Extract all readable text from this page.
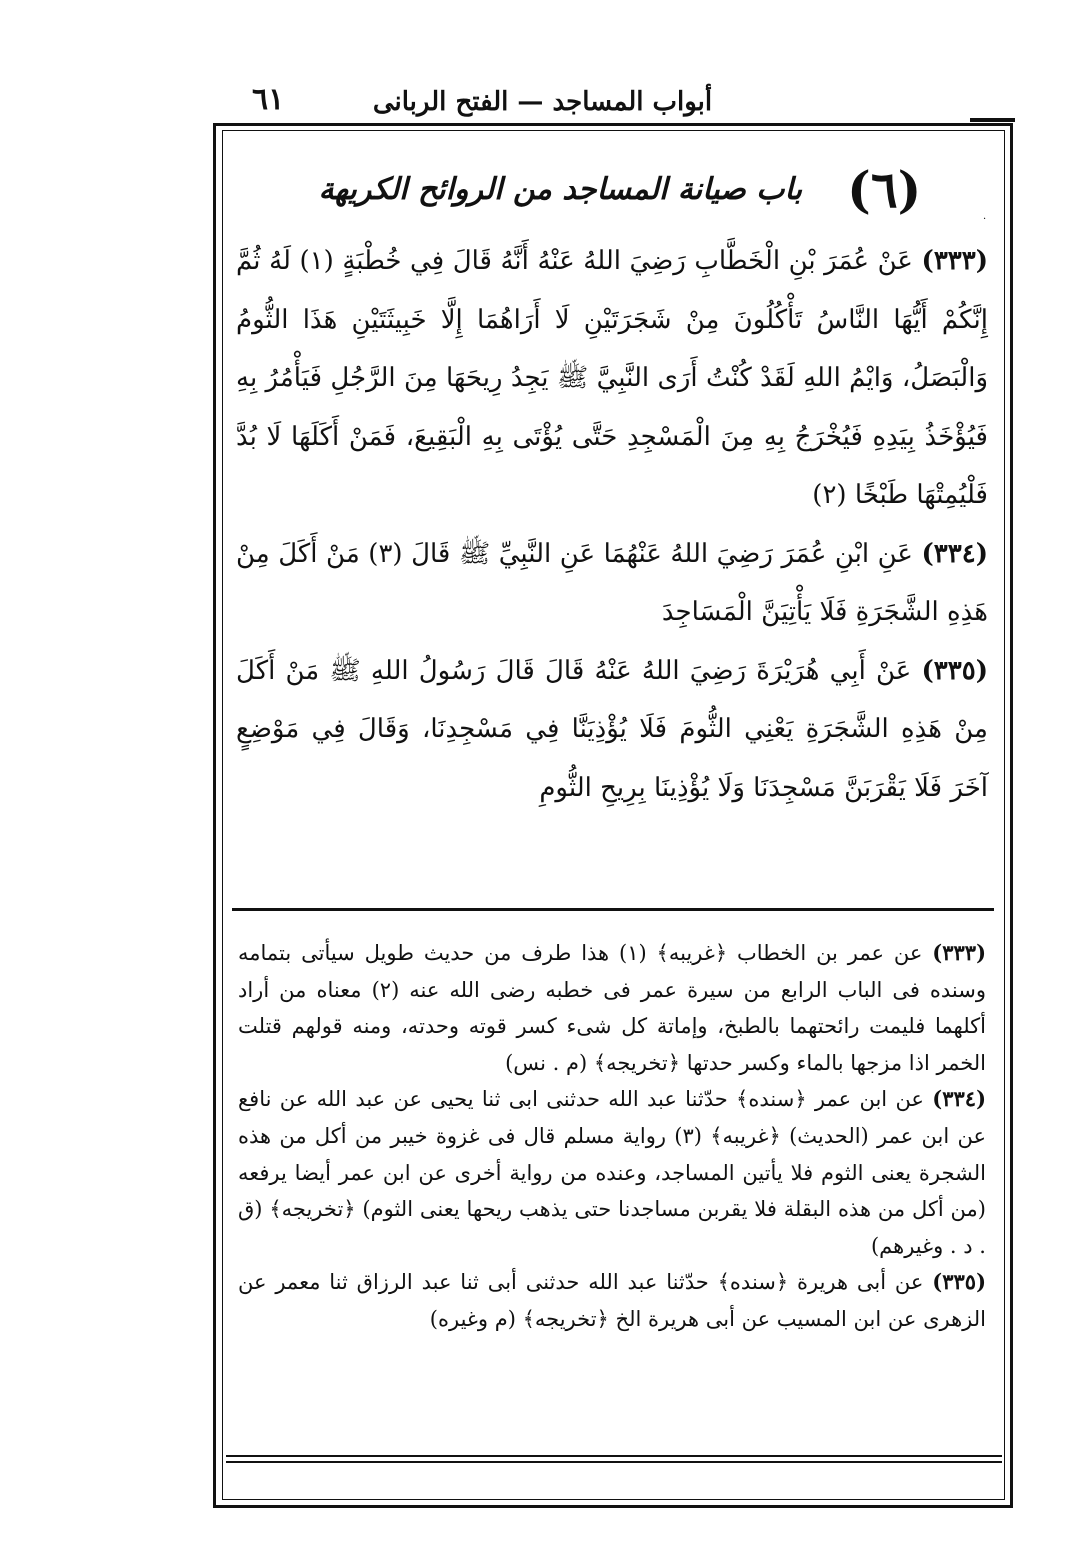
أبواب المساجد — الفتح الربانى
٦١
·
(٦) باب صيانة المساجد من الروائح الكريهة

(٣٣٣) عَنْ عُمَرَ بْنِ الْخَطَّابِ رَضِيَ اللهُ عَنْهُ أَنَّهُ قَالَ فِي خُطْبَةٍ (١) لَهُ ثُمَّ إِنَّكُمْ أَيُّهَا النَّاسُ تَأْكُلُونَ مِنْ شَجَرَتَيْنِ لَا أَرَاهُمَا إِلَّا خَبِيثَتَيْنِ هَذَا الثُّومُ وَالْبَصَلُ، وَايْمُ اللهِ لَقَدْ كُنْتُ أَرَى النَّبِيَّ ﷺ يَجِدُ رِيحَهَا مِنَ الرَّجُلِ فَيَأْمُرُ بِهِ فَيُؤْخَذُ بِيَدِهِ فَيُخْرَجُ بِهِ مِنَ الْمَسْجِدِ حَتَّى يُؤْتَى بِهِ الْبَقِيعَ، فَمَنْ أَكَلَهَا لَا بُدَّ فَلْيُمِتْهَا طَبْخًا (٢)

(٣٣٤) عَنِ ابْنِ عُمَرَ رَضِيَ اللهُ عَنْهُمَا عَنِ النَّبِيِّ ﷺ قَالَ (٣) مَنْ أَكَلَ مِنْ هَذِهِ الشَّجَرَةِ فَلَا يَأْتِيَنَّ الْمَسَاجِدَ

(٣٣٥) عَنْ أَبِي هُرَيْرَةَ رَضِيَ اللهُ عَنْهُ قَالَ قَالَ رَسُولُ اللهِ ﷺ مَنْ أَكَلَ مِنْ هَذِهِ الشَّجَرَةِ يَعْنِي الثُّومَ فَلَا يُؤْذِيَنَّا فِي مَسْجِدِنَا، وَقَالَ فِي مَوْضِعٍ آخَرَ فَلَا يَقْرَبَنَّ مَسْجِدَنَا وَلَا يُؤْذِينَا بِرِيحِ الثُّومِ

(٣٣٣) عن عمر بن الخطاب ﴿غريبه﴾ (١) هذا طرف من حديث طويل سيأتى بتمامه وسنده فى الباب الرابع من سيرة عمر فى خطبه رضى الله عنه (٢) معناه من أراد أكلهما فليمت رائحتهما بالطبخ، وإماتة كل شىء كسر قوته وحدته، ومنه قولهم قتلت الخمر اذا مزجها بالماء وكسر حدتها ﴿تخريجه﴾ (م . نس)

(٣٣٤) عن ابن عمر ﴿سنده﴾ حدّثنا عبد الله حدثنى ابى ثنا يحيى عن عبد الله عن نافع عن ابن عمر (الحديث) ﴿غريبه﴾ (٣) رواية مسلم قال فى غزوة خيبر من أكل من هذه الشجرة يعنى الثوم فلا يأتين المساجد، وعنده من رواية أخرى عن ابن عمر أيضا يرفعه (من أكل من هذه البقلة فلا يقربن مساجدنا حتى يذهب ريحها يعنى الثوم) ﴿تخريجه﴾ (ق . د . وغيرهم)

(٣٣٥) عن أبى هريرة ﴿سنده﴾ حدّثنا عبد الله حدثنى أبى ثنا عبد الرزاق ثنا معمر عن الزهرى عن ابن المسيب عن أبى هريرة الخ ﴿تخريجه﴾ (م وغيره)
